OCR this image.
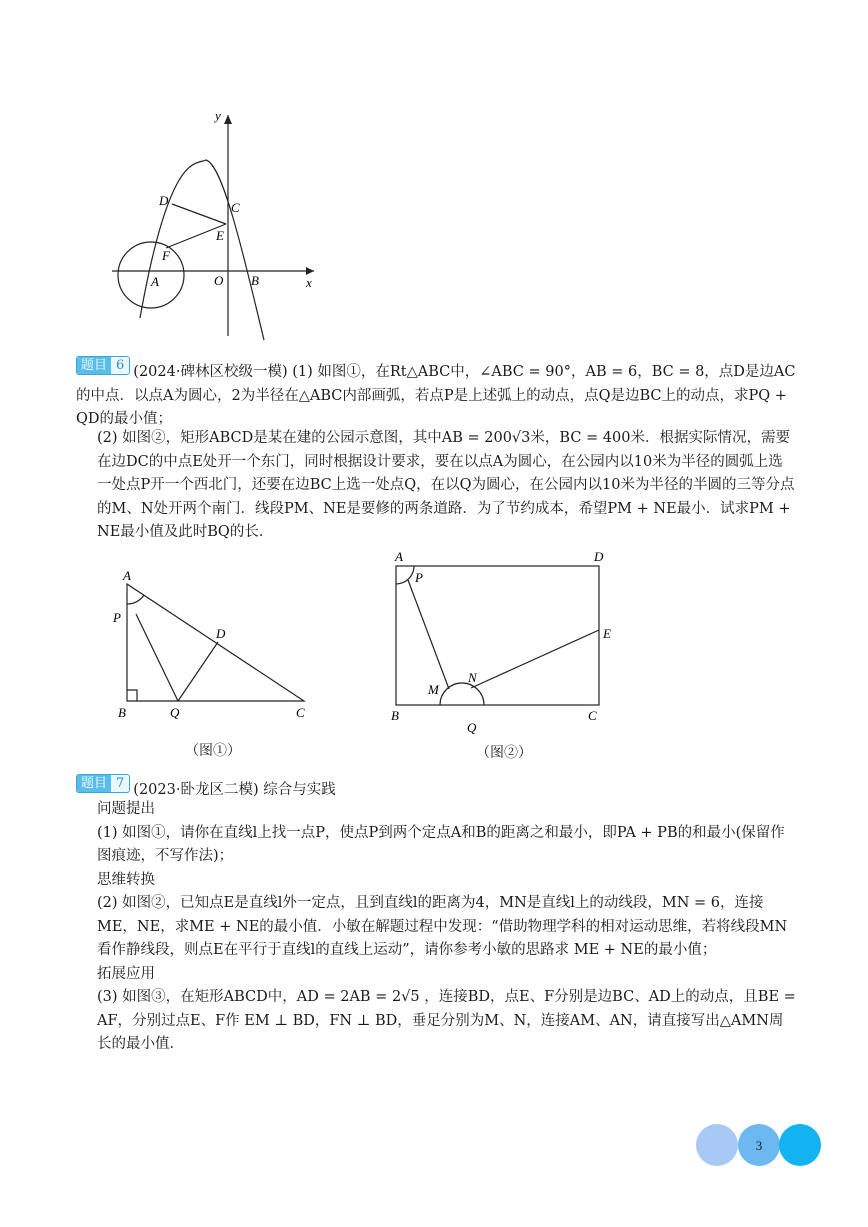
y
x
O
A	B
C
D
E
F
题目 6 (2024·碑林区校级一模) (1) 如图①，在Rt△ABC中，∠ABC = 90°，AB = 6，BC = 8，点D是边AC的中点．以点A为圆心，2为半径在△ABC内部画弧，若点P是上述弧上的动点，点Q是边BC上的动点，求PQ + QD的最小值；

(2) 如图②，矩形ABCD是某在建的公园示意图，其中AB = 200√3米，BC = 400米．根据实际情况，需要在边DC的中点E处开一个东门，同时根据设计要求，要在以点A为圆心，在公园内以10米为半径的圆弧上选一处点P开一个西北门，还要在边BC上选一处点Q，在以Q为圆心，在公园内以10米为半径的半圆的三等分点的M、N处开两个南门．线段PM、NE是要修的两条道路．为了节约成本，希望PM + NE最小．试求PM + NE最小值及此时BQ的长．

A
P
D
B	Q	C
（图①）
A	D
P
E
M
N
B	C
Q
（图②）
题目 7 (2023·卧龙区二模) 综合与实践

问题提出

(1) 如图①，请你在直线l上找一点P，使点P到两个定点A和B的距离之和最小，即PA + PB的和最小(保留作图痕迹，不写作法)；

思维转换

(2) 如图②，已知点E是直线l外一定点，且到直线l的距离为4，MN是直线l上的动线段，MN = 6，连接ME，NE，求ME + NE的最小值．小敏在解题过程中发现：“借助物理学科的相对运动思维，若将线段MN看作静线段，则点E在平行于直线l的直线上运动”，请你参考小敏的思路求 ME + NE的最小值；

拓展应用

(3) 如图③，在矩形ABCD中，AD = 2AB = 2√5 ，连接BD，点E、F分别是边BC、AD上的动点，且BE = AF，分别过点E、F作 EM ⊥ BD，FN ⊥ BD，垂足分别为M、N，连接AM、AN，请直接写出△AMN周长的最小值．

3
